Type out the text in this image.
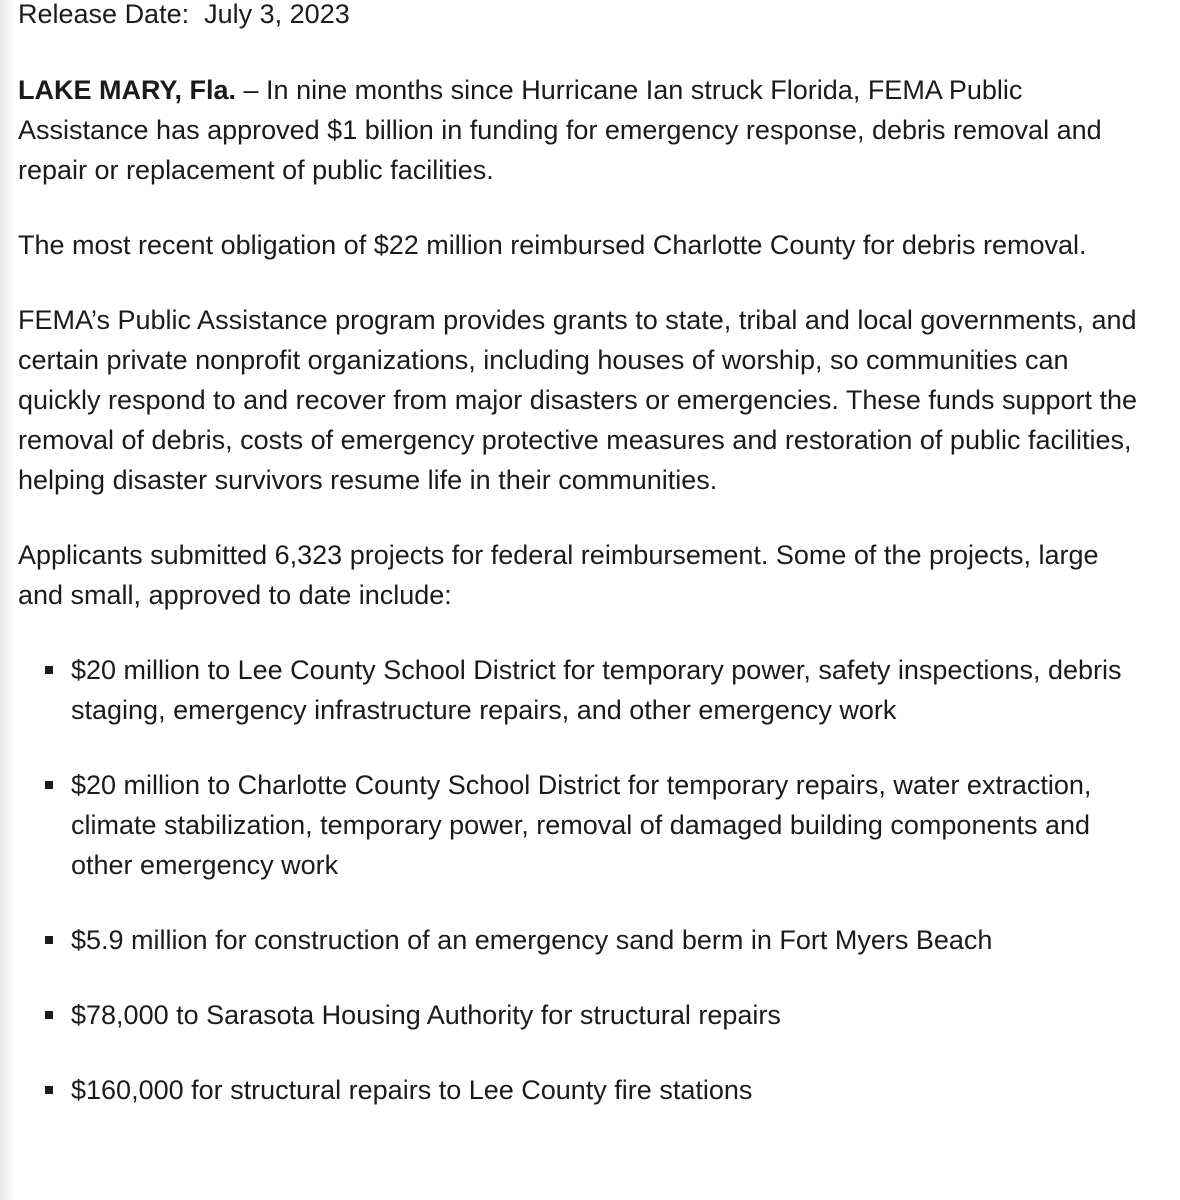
Release Date: July 3, 2023

LAKE MARY, Fla. – In nine months since Hurricane Ian struck Florida, FEMA Public Assistance has approved $1 billion in funding for emergency response, debris removal and repair or replacement of public facilities.

The most recent obligation of $22 million reimbursed Charlotte County for debris removal.

FEMA’s Public Assistance program provides grants to state, tribal and local governments, and certain private nonprofit organizations, including houses of worship, so communities can quickly respond to and recover from major disasters or emergencies. These funds support the removal of debris, costs of emergency protective measures and restoration of public facilities, helping disaster survivors resume life in their communities.

Applicants submitted 6,323 projects for federal reimbursement. Some of the projects, large and small, approved to date include:

$20 million to Lee County School District for temporary power, safety inspections, debris staging, emergency infrastructure repairs, and other emergency work
$20 million to Charlotte County School District for temporary repairs, water extraction, climate stabilization, temporary power, removal of damaged building components and other emergency work
$5.9 million for construction of an emergency sand berm in Fort Myers Beach
$78,000 to Sarasota Housing Authority for structural repairs
$160,000 for structural repairs to Lee County fire stations
